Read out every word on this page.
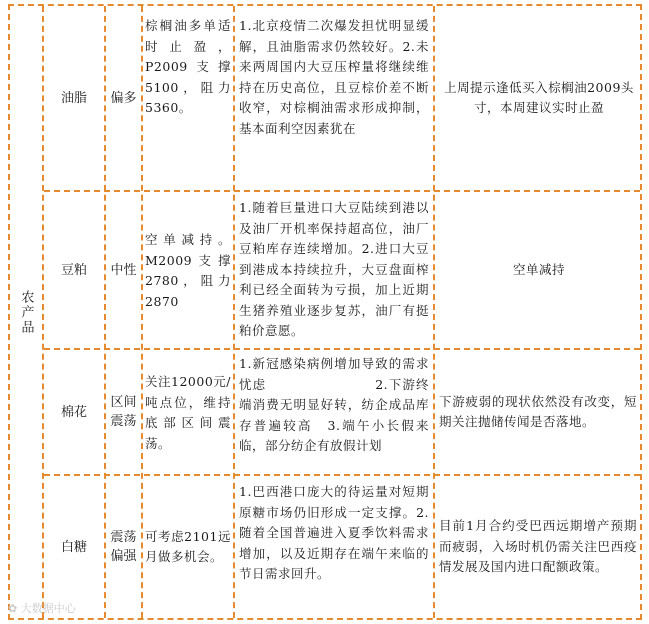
农产品
油脂 偏多
棕榈油多单适时止盈，P2009支撑5100，阻力5360。
1.北京疫情二次爆发担忧明显缓解，且油脂需求仍然较好。2.未来两周国内大豆压榨量将继续维持在历史高位，且豆棕价差不断收窄，对棕榈油需求形成抑制，基本面利空因素犹在
上周提示逢低买入棕榈油2009头寸，本周建议实时止盈
豆粕 中性
空单减持。M2009支撑2780，阻力2870
1.随着巨量进口大豆陆续到港以及油厂开机率保持超高位，油厂豆粕库存连续增加。2.进口大豆到港成本持续拉升，大豆盘面榨利已经全面转为亏损，加上近期生猪养殖业逐步复苏，油厂有挺粕价意愿。
空单减持
棉花
区间震荡
关注12000元/吨点位，维持底部区间震荡。
1.新冠感染病例增加导致的需求忧虑　　　　　　　　2.下游终端消费无明显好转，纺企成品库存普遍较高　3.端午小长假来临，部分纺企有放假计划
下游疲弱的现状依然没有改变，短期关注抛储传闻是否落地。
白糖
震荡偏强
可考虑2101远月做多机会。
1.巴西港口庞大的待运量对短期原糖市场仍旧形成一定支撑。2.随着全国普遍进入夏季饮料需求增加，以及近期存在端午来临的节日需求回升。
目前1月合约受巴西远期增产预期而疲弱，入场时机仍需关注巴西疫情发展及国内进口配额政策。
✿ 大数据中心
